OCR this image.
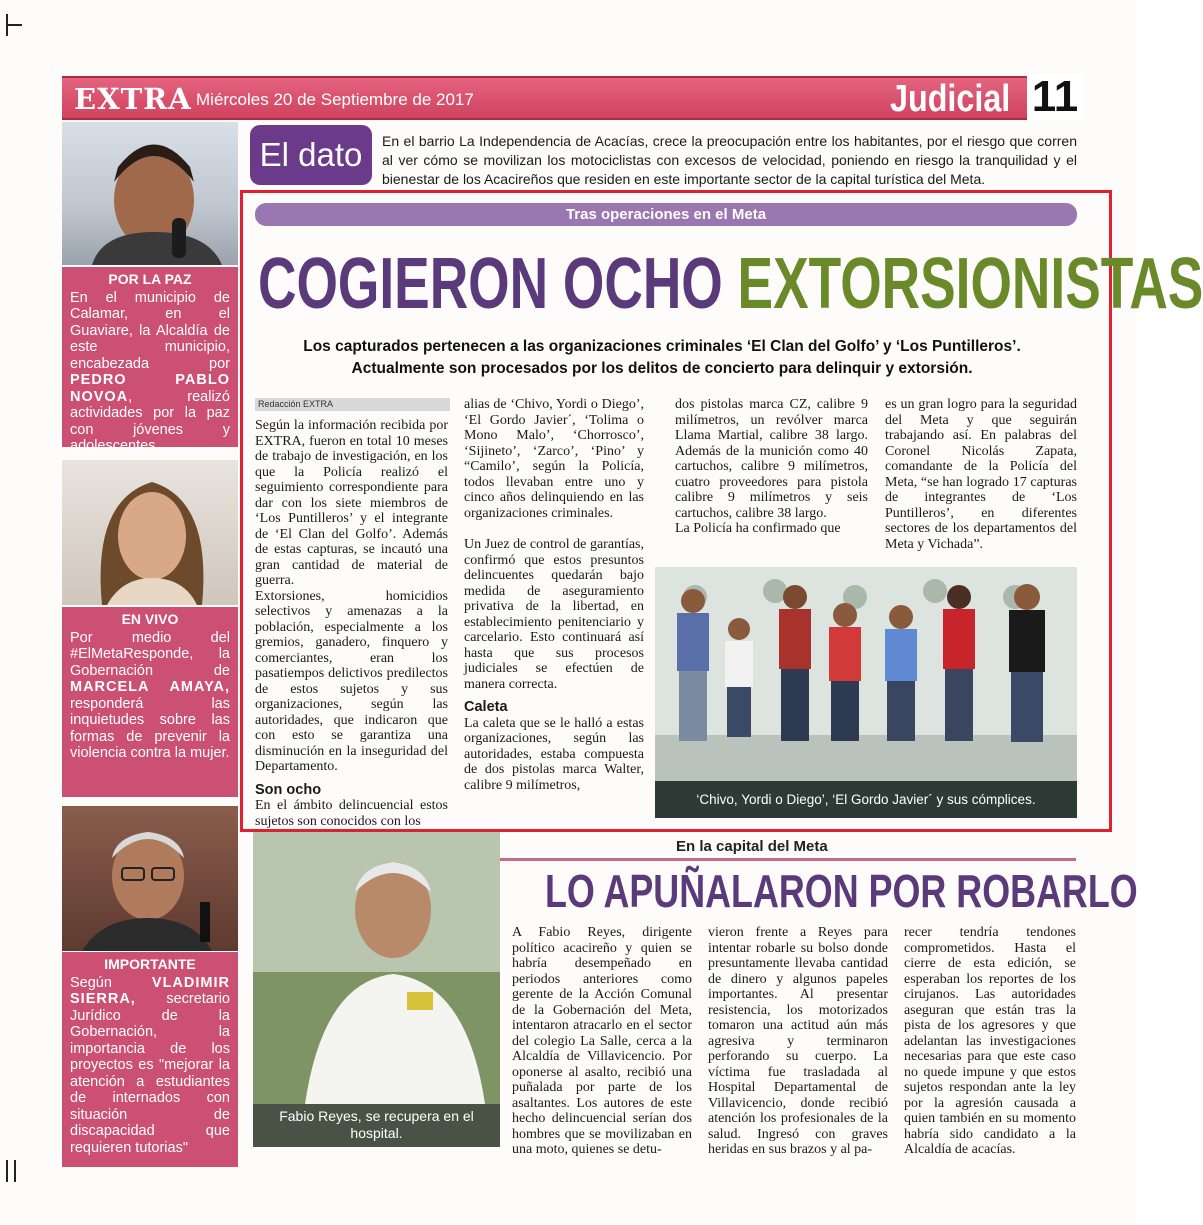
EXTRA Miércoles 20 de Septiembre de 2017	Judicial 11
POR LA PAZ
En el municipio de Calamar, en el Guaviare, la Alcaldía de este municipio, encabezada por PEDRO PABLO NOVOA, realizó actividades por la paz con jóvenes y adolescentes.
EN VIVO
Por medio del #ElMetaResponde, la Gobernación de MARCELA AMAYA, responderá las inquietudes sobre las formas de prevenir la violencia contra la mujer.
IMPORTANTE
Según VLADIMIR SIERRA, secretario Jurídico de la Gobernación, la importancia de los proyectos es "mejorar la atención a estudiantes de internados con situación de discapacidad que requieren tutorias"
El dato	En el barrio La Independencia de Acacías, crece la preocupación entre los habitantes, por el riesgo que corren al ver cómo se movilizan los motociclistas con excesos de velocidad, poniendo en riesgo la tranquilidad y el bienestar de los Acacireños que residen en este importante sector de la capital turística del Meta.
Tras operaciones en el Meta
COGIERON OCHO EXTORSIONISTAS
Los capturados pertenecen a las organizaciones criminales ‘El Clan del Golfo’ y ‘Los Puntilleros’.
Actualmente son procesados por los delitos de concierto para delinquir y extorsión.
Redacción EXTRA

Según la información recibida por EXTRA, fueron en total 10 meses de trabajo de investigación, en los que la Policía realizó el seguimiento correspondiente para dar con los siete miembros de ‘Los Puntilleros’ y el integrante de ‘El Clan del Golfo’. Además de estas capturas, se incautó una gran cantidad de material de guerra.

Extorsiones, homicidios selectivos y amenazas a la población, especialmente a los gremios, ganadero, finquero y comerciantes, eran los pasatiempos delictivos predilectos de estos sujetos y sus organizaciones, según las autoridades, que indicaron que con esto se garantiza una disminución en la inseguridad del Departamento.

Son ocho

En el ámbito delincuencial estos sujetos son conocidos con los

alias de ‘Chivo, Yordi o Diego’, ‘El Gordo Javier´, ‘Tolima o Mono Malo’, ‘Chorrosco’, ‘Sijineto’, ‘Zarco’, ‘Pino’ y “Camilo’, según la Policía, todos llevaban entre uno y cinco años delinquiendo en las organizaciones criminales.

Un Juez de control de garantías, confirmó que estos presuntos delincuentes quedarán bajo medida de aseguramiento privativa de la libertad, en establecimiento penitenciario y carcelario. Esto continuará así hasta que sus procesos judiciales se efectúen de manera correcta.

Caleta

La caleta que se le halló a estas organizaciones, según las autoridades, estaba compuesta de dos pistolas marca Walter, calibre 9 milímetros,

dos pistolas marca CZ, calibre 9 milímetros, un revólver marca Llama Martial, calibre 38 largo. Además de la munición como 40 cartuchos, calibre 9 milímetros, cuatro proveedores para pistola calibre 9 milímetros y seis cartuchos, calibre 38 largo.

La Policía ha confirmado que

es un gran logro para la seguridad del Meta y que seguirán trabajando así. En palabras del Coronel Nicolás Zapata, comandante de la Policía del Meta, “se han logrado 17 capturas de integrantes de ‘Los Puntilleros’, en diferentes sectores de los departamentos del Meta y Vichada”.

‘Chivo, Yordi o Diego’, ‘El Gordo Javier´ y sus cómplices.
Fabio Reyes, se recupera en el hospital.
En la capital del Meta
LO APUÑALARON POR ROBARLO

A Fabio Reyes, dirigente político acacireño y quien se habría desempeñado en periodos anteriores como gerente de la Acción Comunal de la Gobernación del Meta, intentaron atracarlo en el sector del colegio La Salle, cerca a la Alcaldía de Villavicencio. Por oponerse al asalto, recibió una puñalada por parte de los asaltantes. Los autores de este hecho delincuencial serían dos hombres que se movilizaban en una moto, quienes se detu-

vieron frente a Reyes para intentar robarle su bolso donde presuntamente llevaba cantidad de dinero y algunos papeles importantes. Al presentar resistencia, los motorizados tomaron una actitud aún más agresiva y terminaron perforando su cuerpo. La víctima fue trasladada al Hospital Departamental de Villavicencio, donde recibió atención los profesionales de la salud. Ingresó con graves heridas en sus brazos y al pa-

recer tendría tendones comprometidos. Hasta el cierre de esta edición, se esperaban los reportes de los cirujanos. Las autoridades aseguran que están tras la pista de los agresores y que adelantan las investigaciones necesarias para que este caso no quede impune y que estos sujetos respondan ante la ley por la agresión causada a quien también en su momento habría sido candidato a la Alcaldía de acacías.
